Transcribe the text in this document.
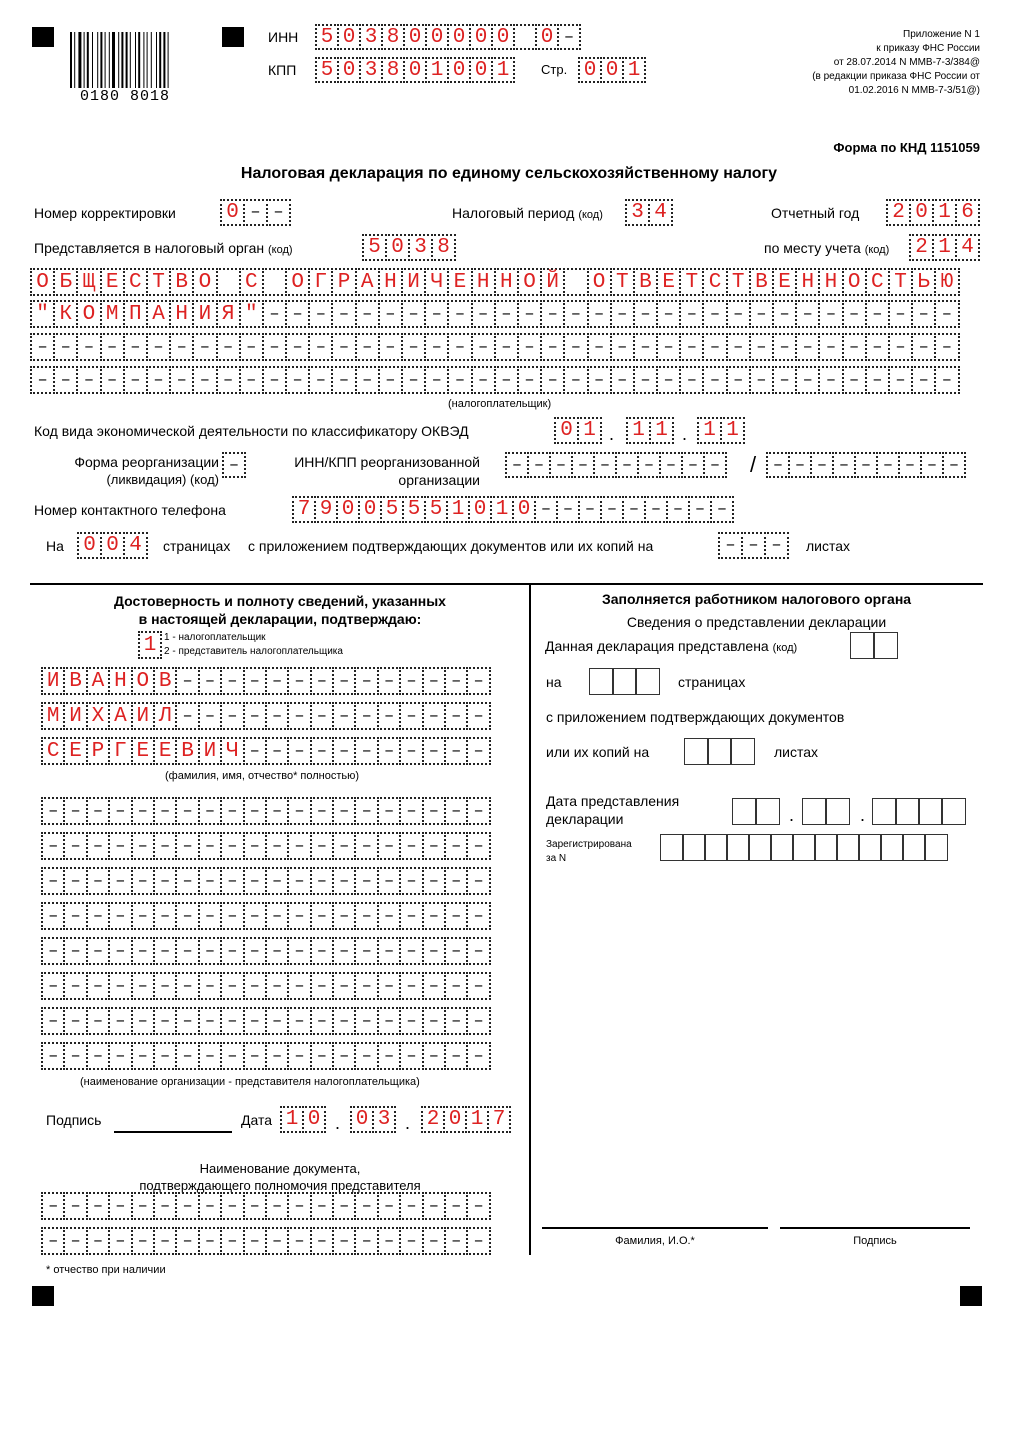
0180 8018
ИНН 5 0 3 8 0 0 0 0 0 0
–
КПП 5 0 3 8 0 1 0 0 1	Стр. 0 0 1
Приложение N 1
к приказу ФНС России
от 28.07.2014 N ММВ-7-3/384@
(в редакции приказа ФНС России от
01.02.2016 N ММВ-7-3/51@)
Форма по КНД 1151059
Налоговая декларация по единому сельскохозяйственному налогу
Номер корректировки 0 – –	Налоговый период (код) 3 4	Отчетный год 2 0 1 6
Представляется в налоговый орган (код)	5 0 3 8	по месту учета (код) 2 1 4
О Б Щ Е С Т В О С О Г Р А Н И Ч Е Н Н О Й О Т В Е Т С Т В Е Н Н О С Т Ь Ю
" К О М П А Н И Я "
–
–
–
–
–
–
–
–
–
–
–
–
–
–
–
–
–
–
–
–
–
–
–
–
–
–
–
–
–
–
–
–
–
–
–
–
–
–
–
–
–
–
–
–
–
–
–
–
–
–
–
–
–
–
–
–
–
–
–
–
–
–
–
–
–
–
–
–
–
–
–
–
–
–
–
–
–
–
–
–
–
–
–
–
–
–
–
–
–
–
–
–
–
–
–
–
–
–
–
–
–
–
–
–
–
–
–
–
–
–
(налогоплательщик)
Код вида экономической деятельности по классификатору ОКВЭД	0 1 . 1 1 . 1 1
Форма реорганизации
(ликвидация) (код)
–
ИНН/КПП реорганизованной
организации
–
–
–
–
–
–
–
–
–
–
/
–
–
–
–
–
–
–
–
–
Номер контактного телефона	7 9 0 0 5 5 5 1 0 1 0
–
–
–
–
–
–
–
–
–
На 0 0 4	страницах с приложением подтверждающих документов или их копий на – – –	листах
Достоверность и полноту сведений, указанных
в настоящей декларации, подтверждаю:
1 1 - налогоплательщик
2 - представитель налогоплательщика
И В А Н О В
–
–
–
–
–
–
–
–
–
–
–
–
–
–
М И Х А И Л
–
–
–
–
–
–
–
–
–
–
–
–
–
–
С Е Р Г Е Е В И Ч
–
–
–
–
–
–
–
–
–
–
–
(фамилия, имя, отчество* полностью)
–
–
–
–
–
–
–
–
–
–
–
–
–
–
–
–
–
–
–
–
–
–
–
–
–
–
–
–
–
–
–
–
–
–
–
–
–
–
–
–
–
–
–
–
–
–
–
–
–
–
–
–
–
–
–
–
–
–
–
–
–
–
–
–
–
–
–
–
–
–
–
–
–
–
–
–
–
–
–
–
–
–
–
–
–
–
–
–
–
–
–
–
–
–
–
–
–
–
–
–
–
–
–
–
–
–
–
–
–
–
–
–
–
–
–
–
–
–
–
–
–
–
–
–
–
–
–
–
–
–
–
–
–
–
–
–
–
–
–
–
–
–
–
–
–
–
–
–
–
–
–
–
–
–
–
–
–
–
–
–
(наименование организации - представителя налогоплательщика)
Подпись	Дата 1 0 . 0 3 . 2 0 1 7
Наименование документа,
подтверждающего полномочия представителя
–
–
–
–
–
–
–
–
–
–
–
–
–
–
–
–
–
–
–
–
–
–
–
–
–
–
–
–
–
–
–
–
–
–
–
–
–
–
–
–
* отчество при наличии
Заполняется работником налогового органа
Сведения о представлении декларации
Данная декларация представлена (код)
на	страницах
с приложением подтверждающих документов
или их копий на	листах
Дата представления
декларации	.	.
Зарегистрирована
за N
Фамилия, И.О.*	Подпись
